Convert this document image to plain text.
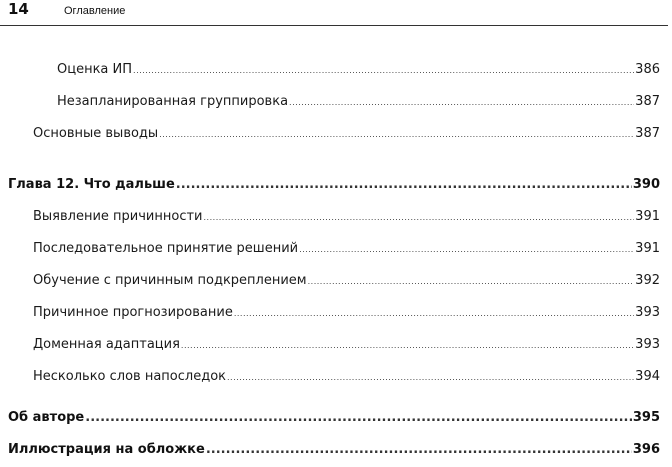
14	Оглавление
Оценка ИП .....	386
Незапланированная группировка .....	387
Основные выводы .....	387
Глава 12. Что дальше .....	390
Выявление причинности .....	391
Последовательное принятие решений .....	391
Обучение с причинным подкреплением .....	392
Причинное прогнозирование .....	393
Доменная адаптация .....	393
Несколько слов напоследок .....	394
Об авторе .....	395
Иллюстрация на обложке .....	396
